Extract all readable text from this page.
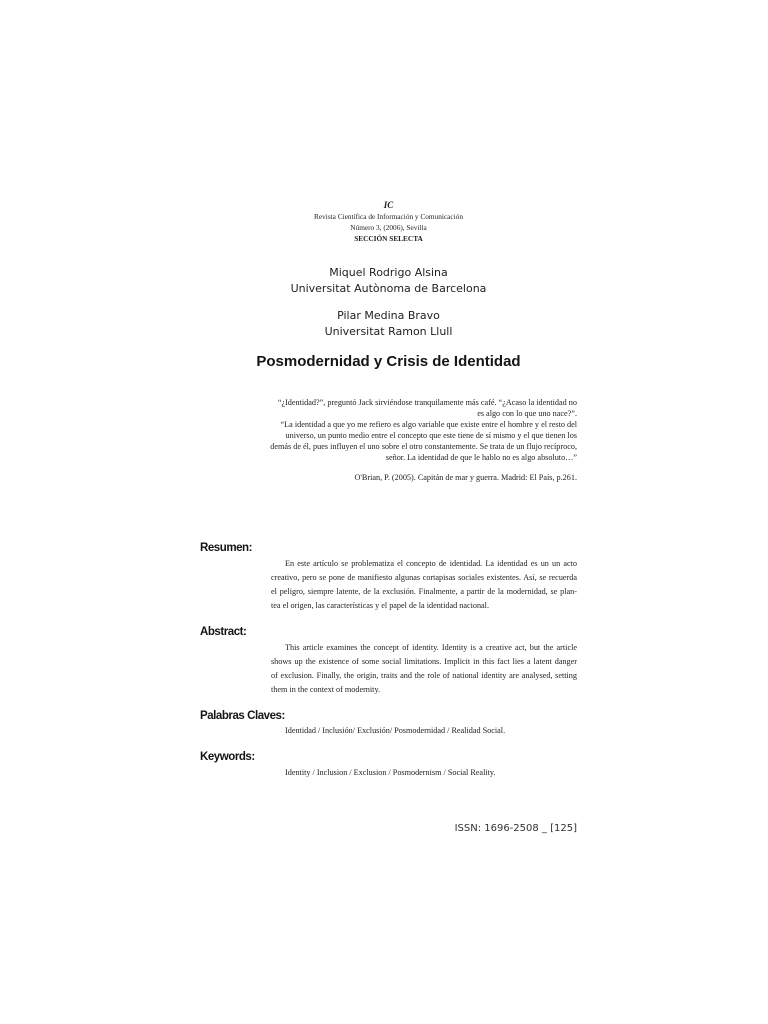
IC
Revista Científica de Información y Comunicación
Número 3, (2006), Sevilla
SECCIÓN SELECTA
Miquel Rodrigo Alsina
Universitat Autònoma de Barcelona
Pilar Medina Bravo
Universitat Ramon Llull
Posmodernidad y Crisis de Identidad
“¿Identidad?”, preguntó Jack sirviéndose tranquilamente más café. “¿Acaso la identidad no
es algo con lo que uno nace?”.
“La identidad a que yo me refiero es algo variable que existe entre el hombre y el resto del
universo, un punto medio entre el concepto que este tiene de sí mismo y el que tienen los
demás de él, pues influyen el uno sobre el otro constantemente. Se trata de un flujo recíproco,
señor. La identidad de que le hablo no es algo absoluto…”
O'Brian, P. (2005). Capitán de mar y guerra. Madrid: El País, p.261.
Resumen:
En este artículo se problematiza el concepto de identidad. La identidad es un un acto
creativo, pero se pone de manifiesto algunas cortapisas sociales existentes. Así, se recuerda
el peligro, siempre latente, de la exclusión. Finalmente, a partir de la modernidad, se plan-
tea el origen, las características y el papel de la identidad nacional.
Abstract:
This article examines the concept of identity. Identity is a creative act, but the article
shows up the existence of some social limitations. Implicit in this fact lies a latent danger
of exclusion. Finally, the origin, traits and the role of national identity are analysed, setting
them in the context of modernity.
Palabras Claves:
Identidad / Inclusión/ Exclusión/ Posmodernidad / Realidad Social.
Keywords:
Identity / Inclusion / Exclusion / Posmodernism / Social Reality.
ISSN: 1696-2508 _ [125]
